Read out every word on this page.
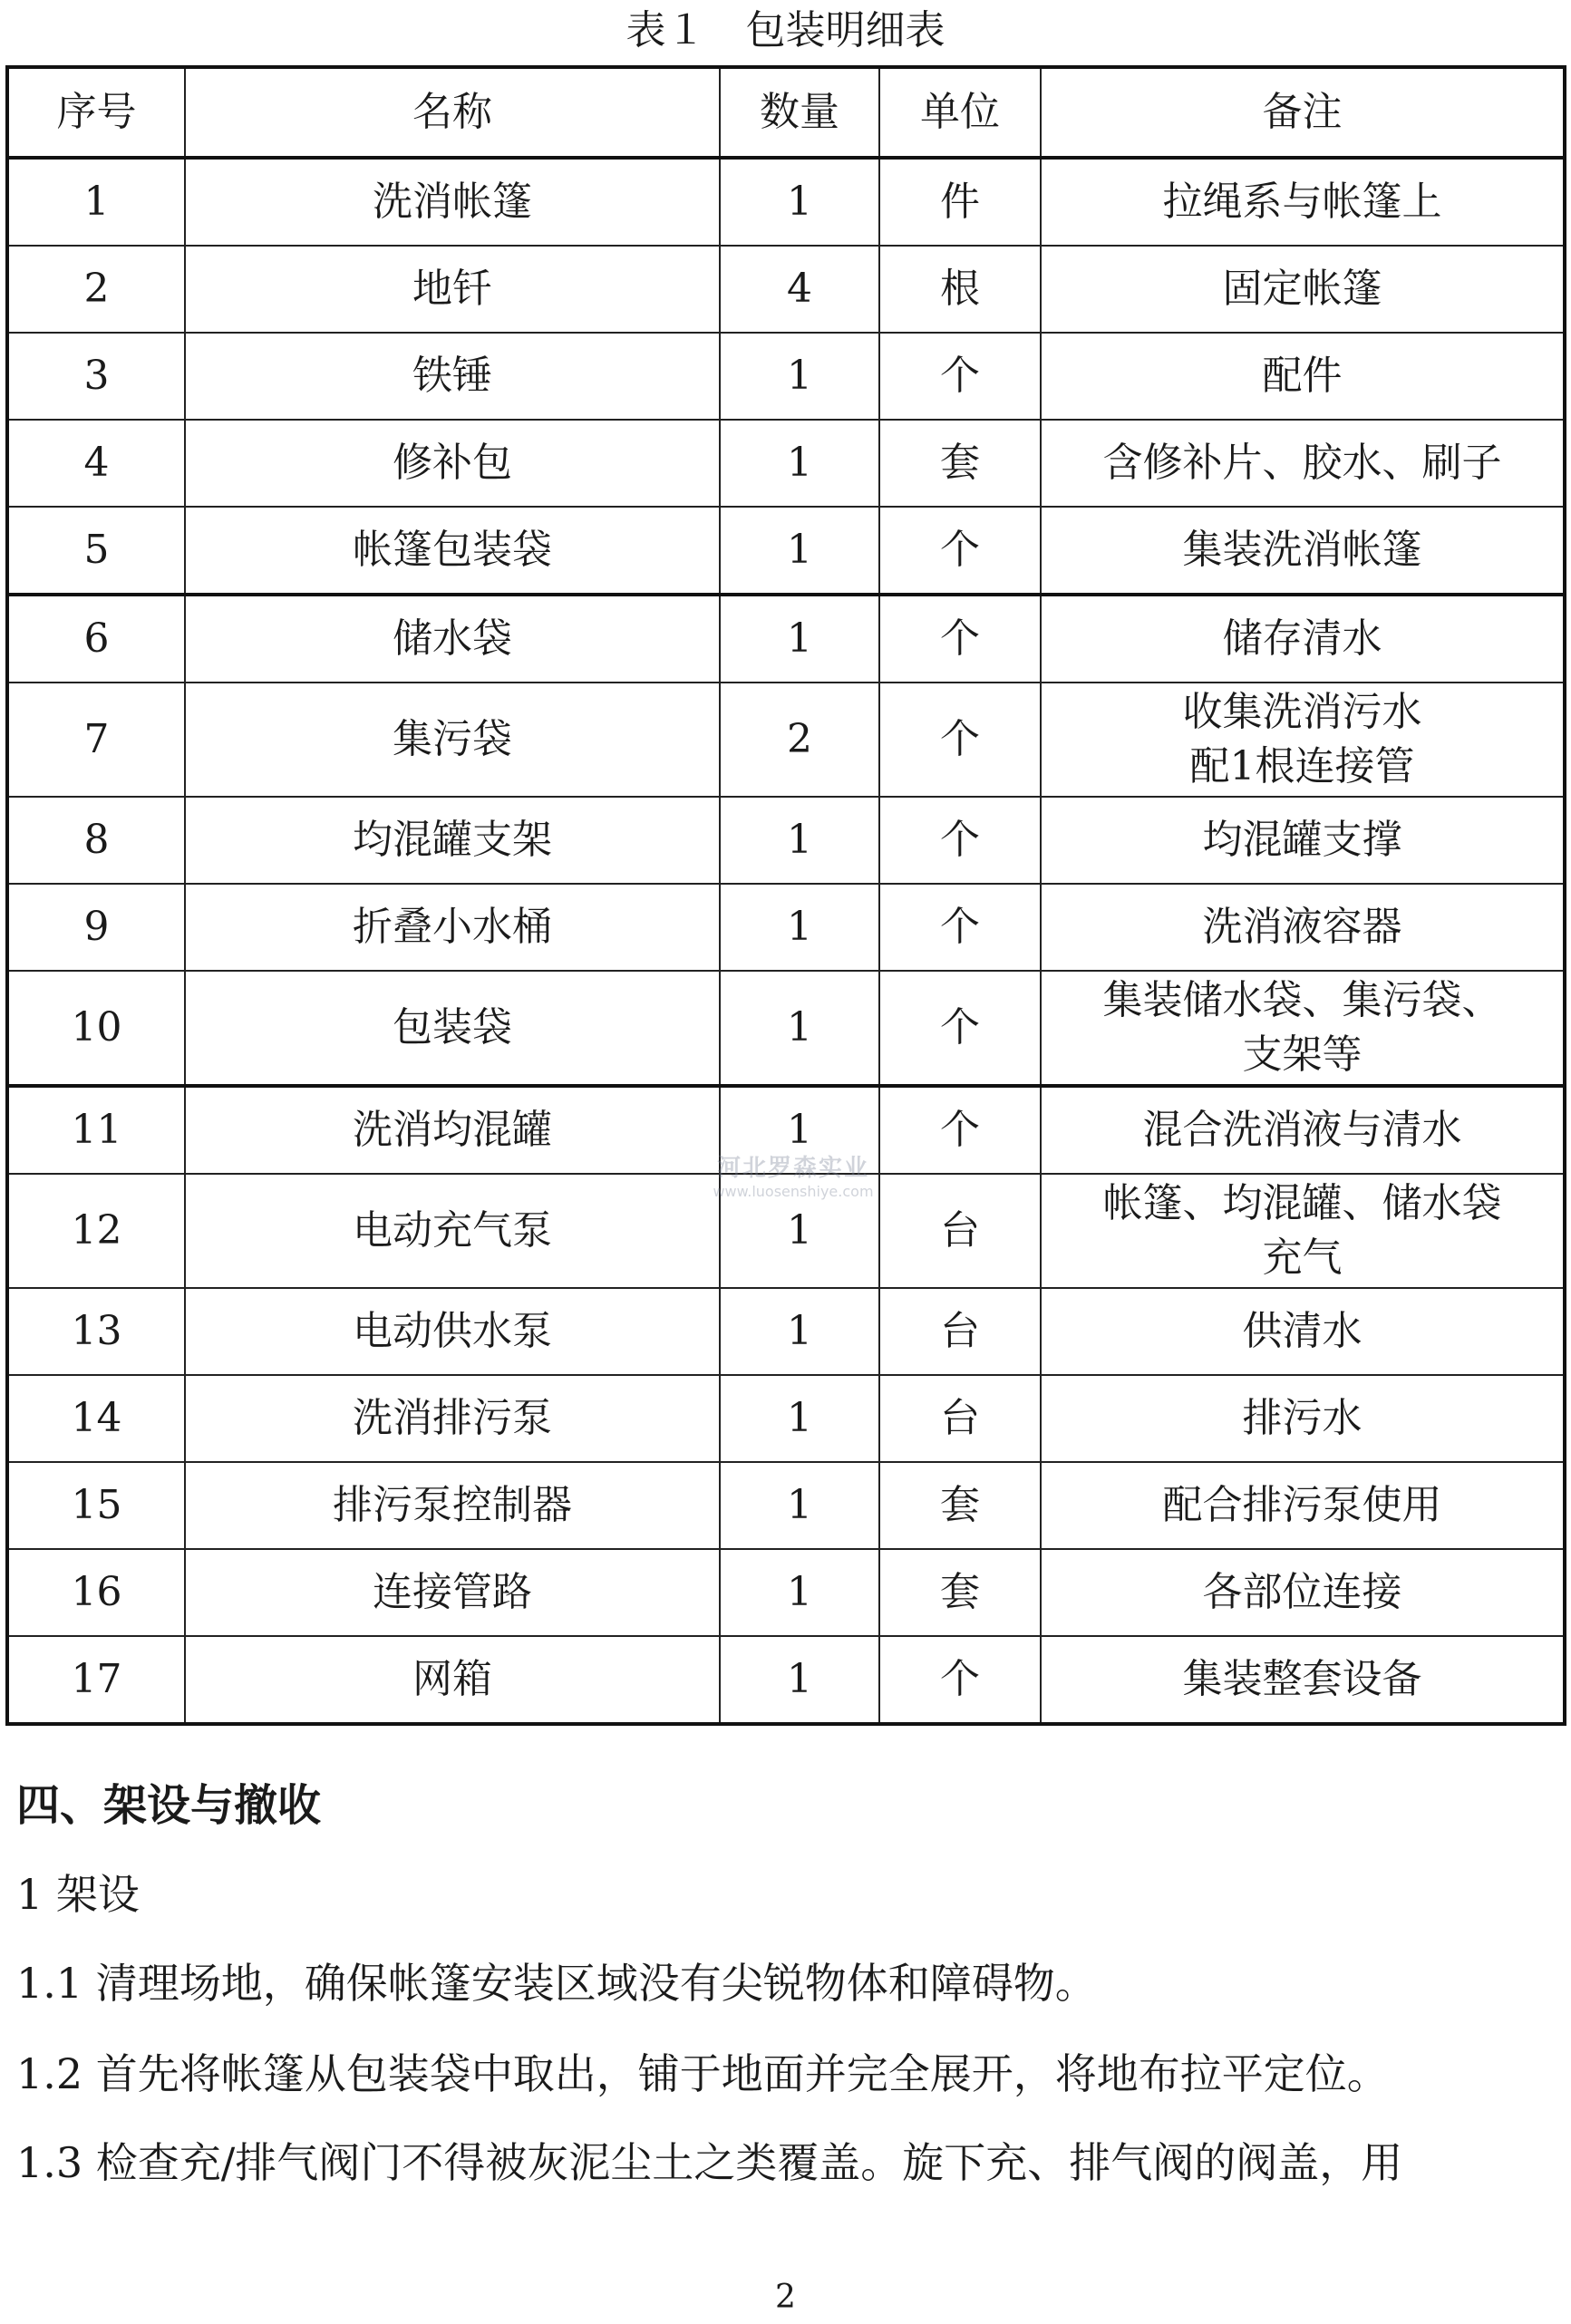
表１　包装明细表
序号	名称	数量	单位	备注
1	洗消帐篷	1	件	拉绳系与帐篷上
2	地钎	4	根	固定帐篷
3	铁锤	1	个	配件
4	修补包	1	套	含修补片、胶水、刷子
5	帐篷包装袋	1	个	集装洗消帐篷
6	储水袋	1	个	储存清水
7	集污袋	2	个	收集洗消污水
配1根连接管

8	均混罐支架	1	个	均混罐支撑
9	折叠小水桶	1	个	洗消液容器
10	包装袋	1	个	集装储水袋、集污袋、
支架等

11	洗消均混罐	1	个	混合洗消液与清水
12	电动充气泵	1	台	帐篷、均混罐、储水袋
充气

13	电动供水泵	1	台	供清水
14	洗消排污泵	1	台	排污水
15	排污泵控制器	1	套	配合排污泵使用
16	连接管路	1	套	各部位连接
17	网箱	1	个	集装整套设备
河北罗森实业
www.luosenshiye.com
四、架设与撤收
1 架设
1.1 清理场地，确保帐篷安装区域没有尖锐物体和障碍物。
1.2 首先将帐篷从包装袋中取出，铺于地面并完全展开，将地布拉平定位。
1.3 检查充/排气阀门不得被灰泥尘土之类覆盖。旋下充、排气阀的阀盖，用
2
